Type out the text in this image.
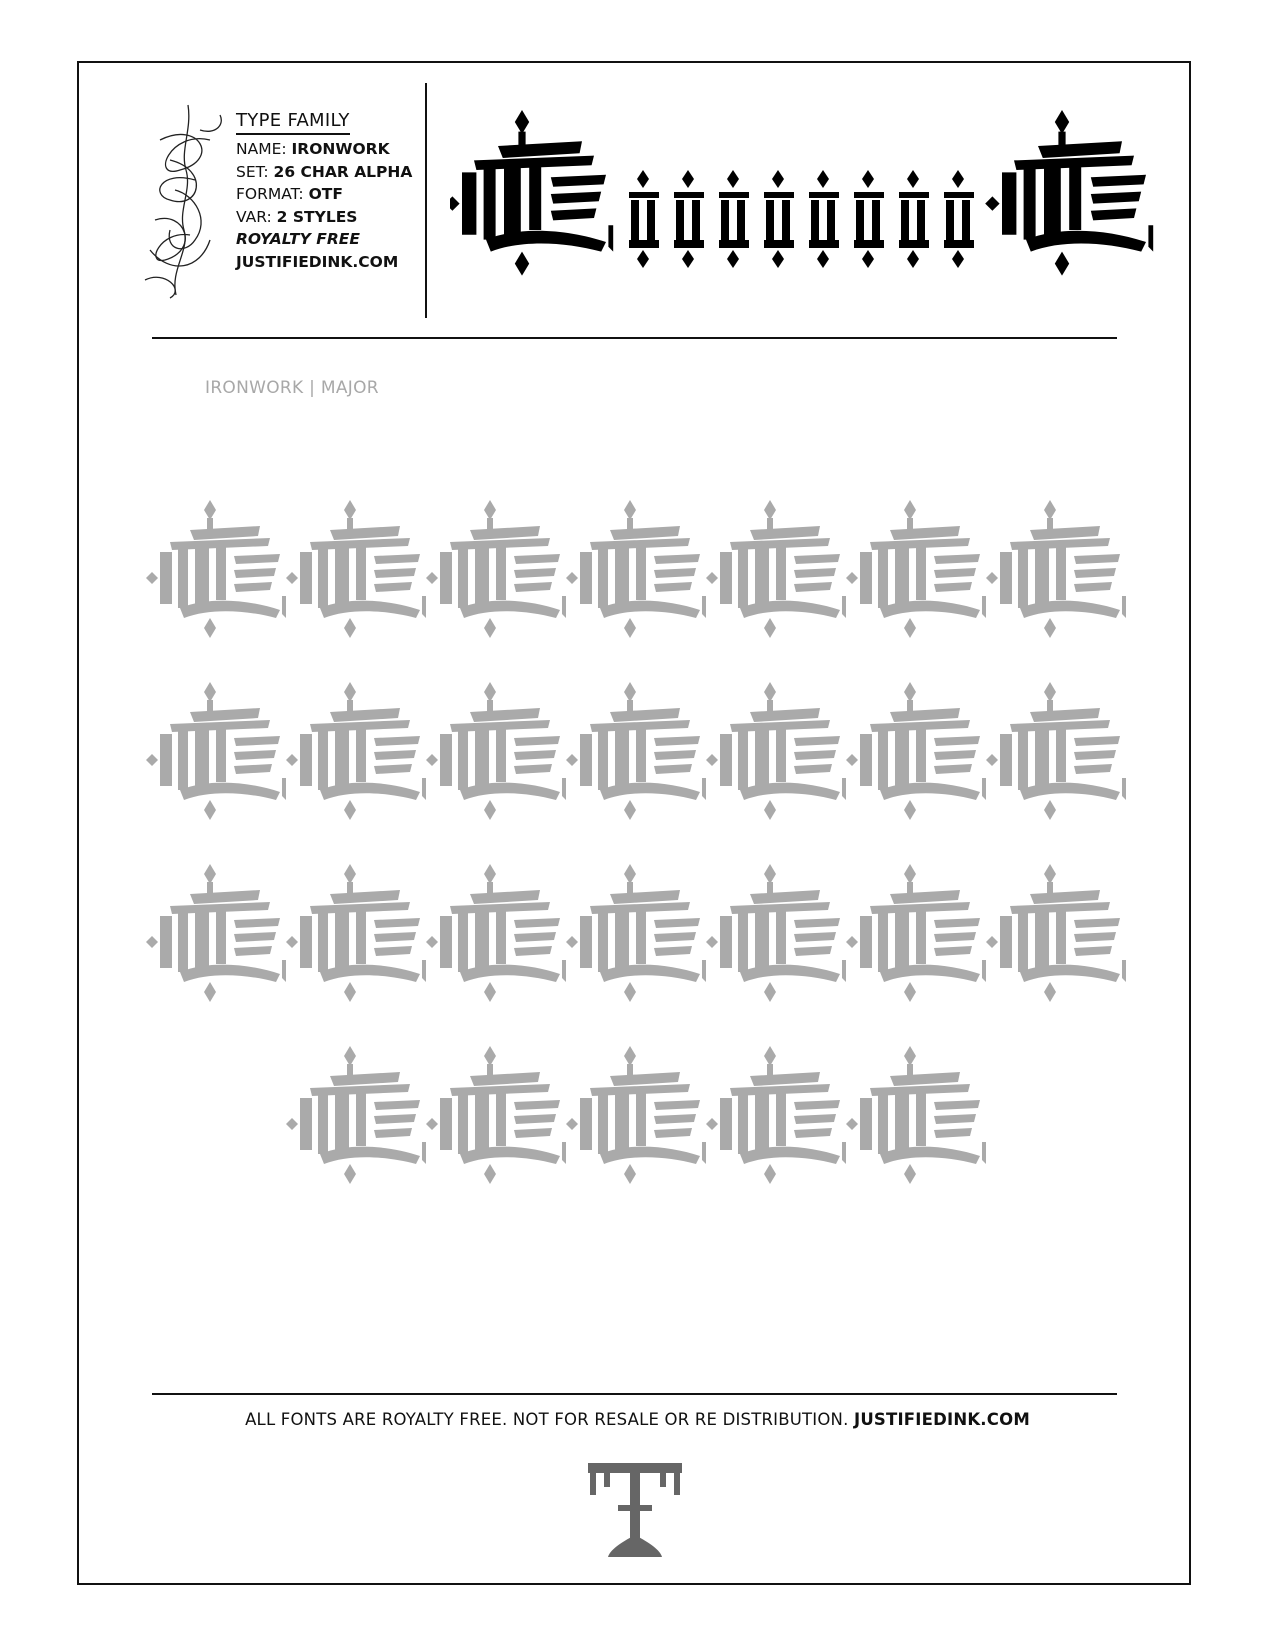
TYPE FAMILY
NAME: IRONWORK
SET: 26 CHAR ALPHA
FORMAT: OTF
VAR: 2 STYLES
ROYALTY FREE
JUSTIFIEDINK.COM
IRONWORK | MAJOR
ALL FONTS ARE ROYALTY FREE. NOT FOR RESALE OR RE DISTRIBUTION. JUSTIFIEDINK.COM
